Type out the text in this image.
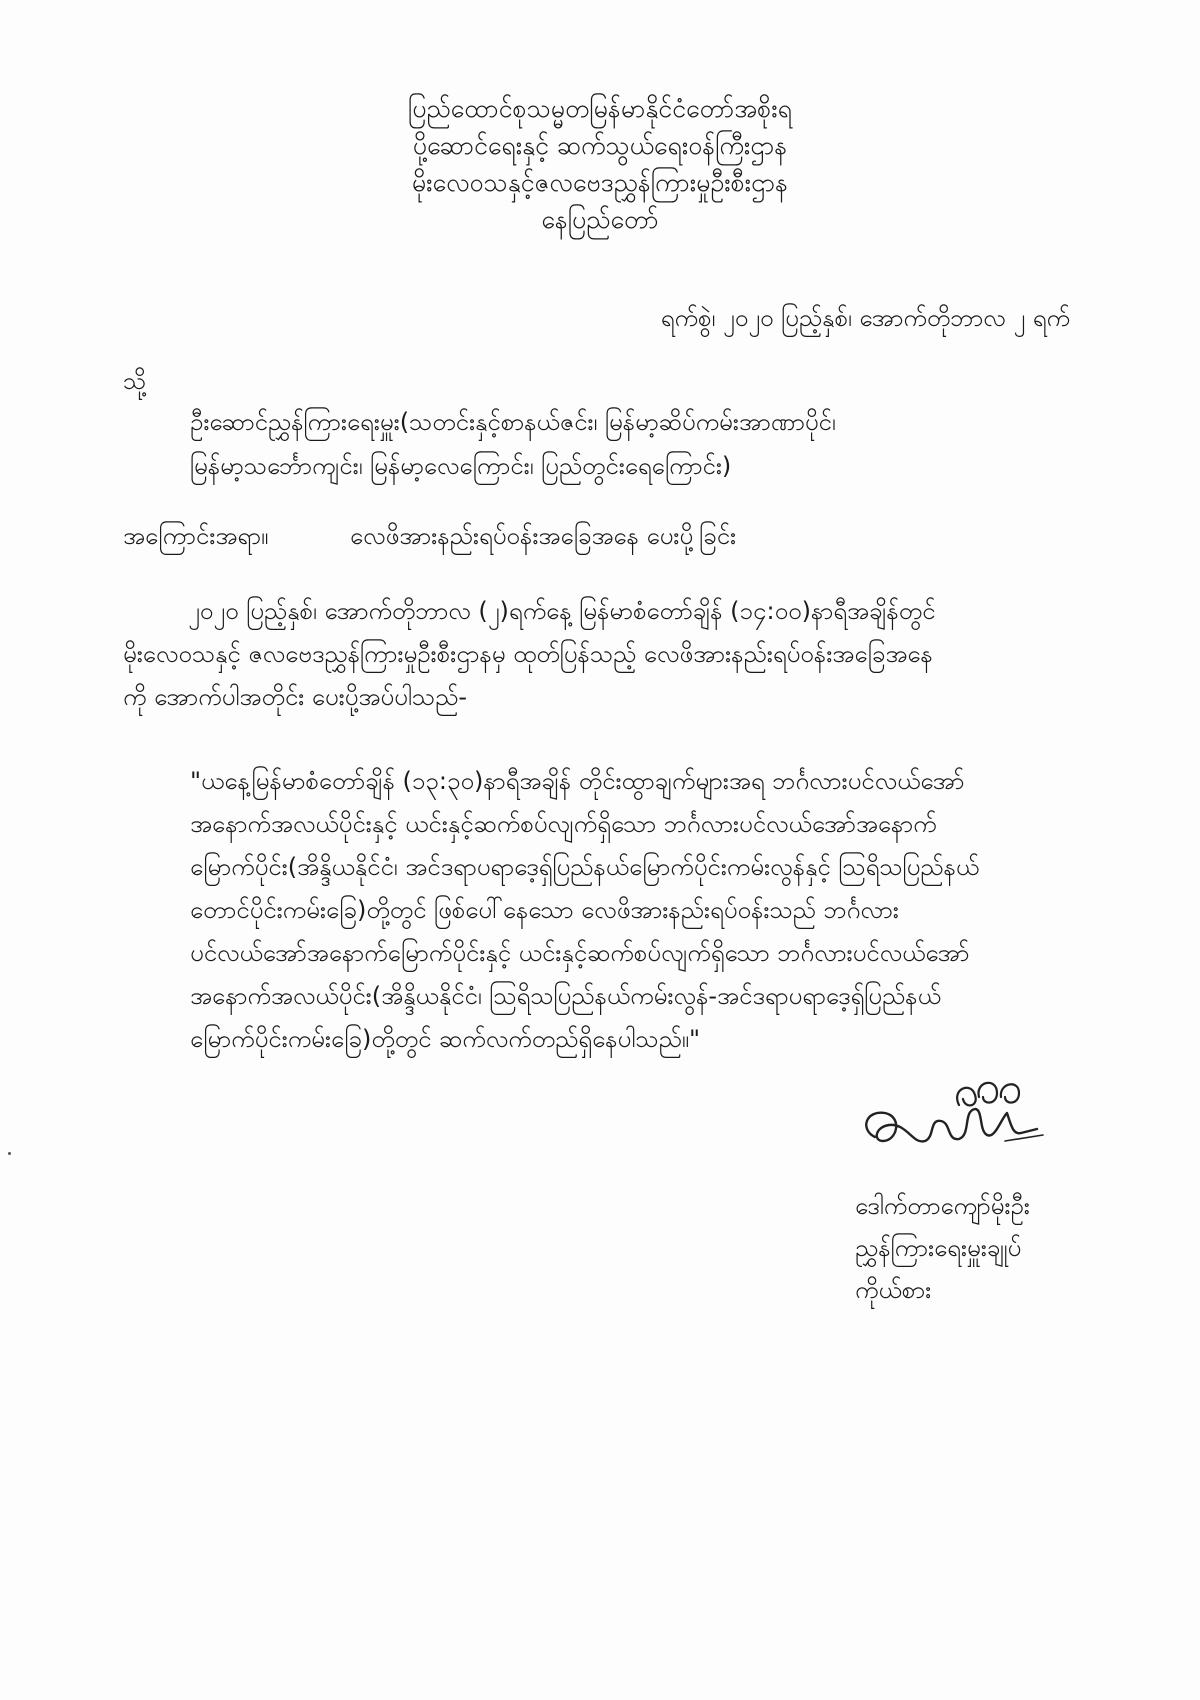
ပြည်ထောင်စုသမ္မတမြန်မာနိုင်ငံတော်အစိုးရ
ပို့ဆောင်ရေးနှင့် ဆက်သွယ်ရေးဝန်ကြီးဌာန
မိုးလေဝသနှင့်ဇလဗေဒညွှန်ကြားမှုဦးစီးဌာန
နေပြည်တော်
ရက်စွဲ၊ ၂၀၂၀ ပြည့်နှစ်၊ အောက်တိုဘာလ ၂ ရက်
သို့
ဦးဆောင်ညွှန်ကြားရေးမှူး(သတင်းနှင့်စာနယ်ဇင်း၊ မြန်မာ့ဆိပ်ကမ်းအာဏာပိုင်၊
မြန်မာ့သင်္ဘောကျင်း၊ မြန်မာ့လေကြောင်း၊ ပြည်တွင်းရေကြောင်း)
အကြောင်းအရာ။	လေဖိအားနည်းရပ်ဝန်းအခြေအနေ ပေးပို့ခြင်း
၂၀၂၀ ပြည့်နှစ်၊ အောက်တိုဘာလ (၂)ရက်နေ့ မြန်မာစံတော်ချိန် (၁၄:၀၀)နာရီအချိန်တွင်
မိုးလေဝသနှင့် ဇလဗေဒညွှန်ကြားမှုဦးစီးဌာနမှ ထုတ်ပြန်သည့် လေဖိအားနည်းရပ်ဝန်းအခြေအနေ
ကို အောက်ပါအတိုင်း ပေးပို့အပ်ပါသည်-
"ယနေ့မြန်မာစံတော်ချိန် (၁၃:၃၀)နာရီအချိန် တိုင်းထွာချက်များအရ ဘင်္ဂလားပင်လယ်အော်
အနောက်အလယ်ပိုင်းနှင့် ယင်းနှင့်ဆက်စပ်လျက်ရှိသော ဘင်္ဂလားပင်လယ်အော်အနောက်
မြောက်ပိုင်း(အိန္ဒိယနိုင်ငံ၊ အင်ဒရာပရာဒေ့ရှ်ပြည်နယ်မြောက်ပိုင်းကမ်းလွန်နှင့် သြရိသပြည်နယ်
တောင်ပိုင်းကမ်းခြေ)တို့တွင် ဖြစ်ပေါ်နေသော လေဖိအားနည်းရပ်ဝန်းသည် ဘင်္ဂလား
ပင်လယ်အော်အနောက်မြောက်ပိုင်းနှင့် ယင်းနှင့်ဆက်စပ်လျက်ရှိသော ဘင်္ဂလားပင်လယ်အော်
အနောက်အလယ်ပိုင်း(အိန္ဒိယနိုင်ငံ၊ သြရိသပြည်နယ်ကမ်းလွန်-အင်ဒရာပရာဒေ့ရှ်ပြည်နယ်
မြောက်ပိုင်းကမ်းခြေ)တို့တွင် ဆက်လက်တည်ရှိနေပါသည်။"
ဒေါက်တာကျော်မိုးဦး
ညွှန်ကြားရေးမှူးချုပ်
ကိုယ်စား
